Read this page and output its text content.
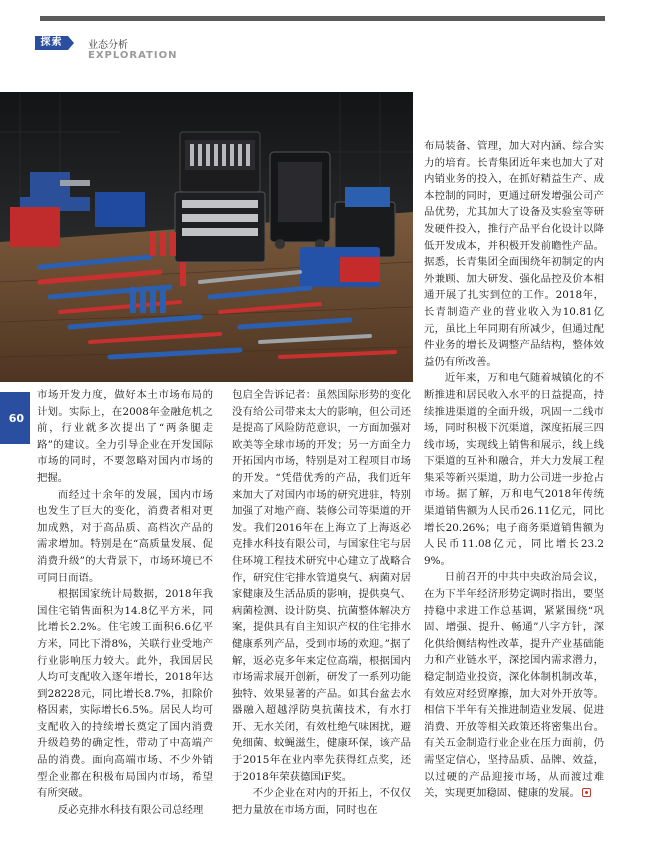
探索	业态分析
EXPLORATION
60

市场开发力度，做好本土市场布局的计划。实际上，在2008年金融危机之前，行业就多次提出了“两条腿走路”的建议。全力引导企业在开发国际市场的同时，不要忽略对国内市场的把握。

而经过十余年的发展，国内市场也发生了巨大的变化，消费者相对更加成熟，对于高品质、高档次产品的需求增加。特别是在“高质量发展、促消费升级”的大背景下，市场环境已不可同日而语。

根据国家统计局数据，2018年我国住宅销售面积为14.8亿平方米，同比增长2.2%。住宅竣工面积6.6亿平方米，同比下滑8%，关联行业受地产行业影响压力较大。此外，我国居民人均可支配收入逐年增长，2018年达到28228元，同比增长8.7%，扣除价格因素，实际增长6.5%。居民人均可支配收入的持续增长奠定了国内消费升级趋势的确定性，带动了中高端产品的消费。面向高端市场、不少外销型企业都在积极布局国内市场，希望有所突破。

反必克排水科技有限公司总经理

包启全告诉记者：虽然国际形势的变化没有给公司带来太大的影响，但公司还是提高了风险防范意识，一方面加强对欧美等全球市场的开发；另一方面全力开拓国内市场，特别是对工程项目市场的开发。“凭借优秀的产品，我们近年来加大了对国内市场的研究进驻，特别加强了对地产商、装修公司等渠道的开发。我们2016年在上海立了上海返必克排水科技有限公司，与国家住宅与居住环境工程技术研究中心建立了战略合作，研究住宅排水管道臭气、病菌对居家健康及生活品质的影响，提供臭气、病菌检测、设计防臭、抗菌整体解决方案，提供具有自主知识产权的住宅排水健康系列产品，受到市场的欢迎。”据了解，返必克多年来定位高端，根据国内市场需求展开创新，研发了一系列功能独特、效果显著的产品。如其台盆去水器融入超越浮防臭抗菌技术，有水打开、无水关闭，有效杜绝气味困扰，避免细菌、蚊蝇滋生，健康环保，该产品于2015年在业内率先获得红点奖，还于2018年荣获德国iF奖。

不少企业在对内的开拓上，不仅仅把力量放在市场方面，同时也在

布局装备、管理，加大对内涵、综合实力的培育。长青集团近年来也加大了对内销业务的投入，在抓好精益生产、成本控制的同时，更通过研发增强公司产品优势，尤其加大了设备及实验室等研发硬件投入，推行产品平台化设计以降低开发成本，并积极开发前瞻性产品。据悉，长青集团全面围绕年初制定的内外兼顾、加大研发、强化品控及价本相通开展了扎实到位的工作。2018年，长青制造产业的营业收入为10.81亿元，虽比上年同期有所减少，但通过配件业务的增长及调整产品结构，整体效益仍有所改善。

近年来，万和电气随着城镇化的不断推进和居民收入水平的日益提高，持续推进渠道的全面升级，巩固一二线市场，同时积极下沉渠道，深度拓展三四线市场，实现线上销售和展示，线上线下渠道的互补和融合，并大力发展工程集采等新兴渠道，助力公司进一步抢占市场。据了解，万和电气2018年传统渠道销售额为人民币26.11亿元，同比增长20.26%；电子商务渠道销售额为人民币11.08亿元，同比增长23.29%。

日前召开的中共中央政治局会议，在为下半年经济形势定调时指出，要坚持稳中求进工作总基调，紧紧围绕“巩固、增强、提升、畅通”八字方针，深化供给侧结构性改革，提升产业基础能力和产业链水平，深挖国内需求潜力，稳定制造业投资，深化体制机制改革，有效应对经贸摩擦，加大对外开放等。相信下半年有关推进制造业发展、促进消费、开放等相关政策还将密集出台。有关五金制造行业企业在压力面前，仍需坚定信心，坚持品质、品牌、效益，以过硬的产品迎接市场，从而渡过难关，实现更加稳固、健康的发展。
